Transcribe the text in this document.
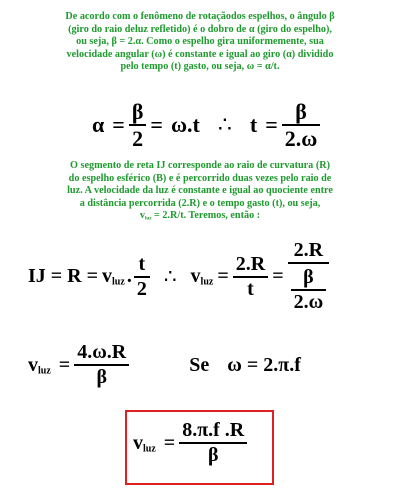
De acordo com o fenômeno de rotaçãodos espelhos, o ângulo β
(giro do raio deluz refletido) é o dobro de α (giro do espelho),
ou seja, β = 2.α. Como o espelho gira uniformemente, sua
velocidade angular (ω) é constante e igual ao giro (α) dividido
pelo tempo (t) gasto, ou seja, ω = α/t.
$\alpha = \frac{\beta}{2} = \omega.t$ ∴ $t = \frac{\beta}{2.\omega}$
O segmento de reta IJ corresponde ao raio de curvatura (R)
do espelho esférico (B) e é percorrido duas vezes pelo raio de
luz. A velocidade da luz é constante e igual ao quociente entre
a distância percorrida (2.R) e o tempo gasto (t), ou seja,
$v_{luz} = 2.R/t$. Teremos, então :
IJ = $R = v_{luz}$ . $\frac{t}{2}$ ∴ $v_{luz} = \frac{2.R}{t} = \frac{2.R}{\frac{\beta}{2.\omega}}$
$v_{luz} = \frac{4.\omega.R}{\beta}$	Se ω = 2.π.f
$v_{luz} = \frac{8.\pi.f .R}{\beta}$
